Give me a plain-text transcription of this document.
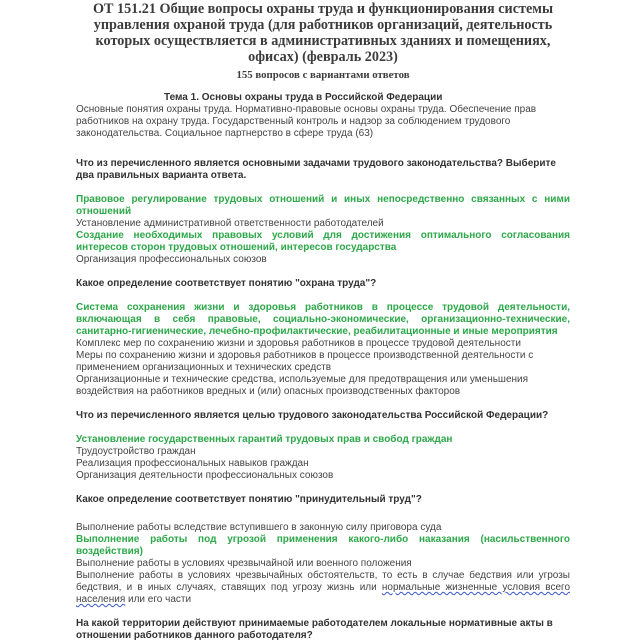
ОТ 151.21 Общие вопросы охраны труда и функционирования системы управления охраной труда (для работников организаций, деятельность которых осуществляется в административных зданиях и помещениях, офисах) (февраль 2023)
155 вопросов с вариантами ответов
Тема 1. Основы охраны труда в Российской Федерации
Основные понятия охраны труда. Нормативно-правовые основы охраны труда. Обеспечение прав работников на охрану труда. Государственный контроль и надзор за соблюдением трудового законодательства. Социальное партнерство в сфере труда (63)
Что из перечисленного является основными задачами трудового законодательства? Выберите два правильных варианта ответа.
Правовое регулирование трудовых отношений и иных непосредственно связанных с ними отношений
Установление административной ответственности работодателей
Создание необходимых правовых условий для достижения оптимального согласования интересов сторон трудовых отношений, интересов государства
Организация профессиональных союзов
Какое определение соответствует понятию "охрана труда"?
Система сохранения жизни и здоровья работников в процессе трудовой деятельности, включающая в себя правовые, социально-экономические, организационно-технические, санитарно-гигиенические, лечебно-профилактические, реабилитационные и иные мероприятия
Комплекс мер по сохранению жизни и здоровья работников в процессе трудовой деятельности
Меры по сохранению жизни и здоровья работников в процессе производственной деятельности с применением организационных и технических средств
Организационные и технические средства, используемые для предотвращения или уменьшения воздействия на работников вредных и (или) опасных производственных факторов
Что из перечисленного является целью трудового законодательства Российской Федерации?
Установление государственных гарантий трудовых прав и свобод граждан
Трудоустройство граждан
Реализация профессиональных навыков граждан
Организация деятельности профессиональных союзов
Какое определение соответствует понятию "принудительный труд"?
Выполнение работы вследствие вступившего в законную силу приговора суда
Выполнение работы под угрозой применения какого-либо наказания (насильственного воздействия)
Выполнение работы в условиях чрезвычайной или военного положения
Выполнение работы в условиях чрезвычайных обстоятельств, то есть в случае бедствия или угрозы бедствия, и в иных случаях, ставящих под угрозу жизнь или нормальные жизненные условия всего населения или его части
На какой территории действуют принимаемые работодателем локальные нормативные акты в отношении работников данного работодателя?
